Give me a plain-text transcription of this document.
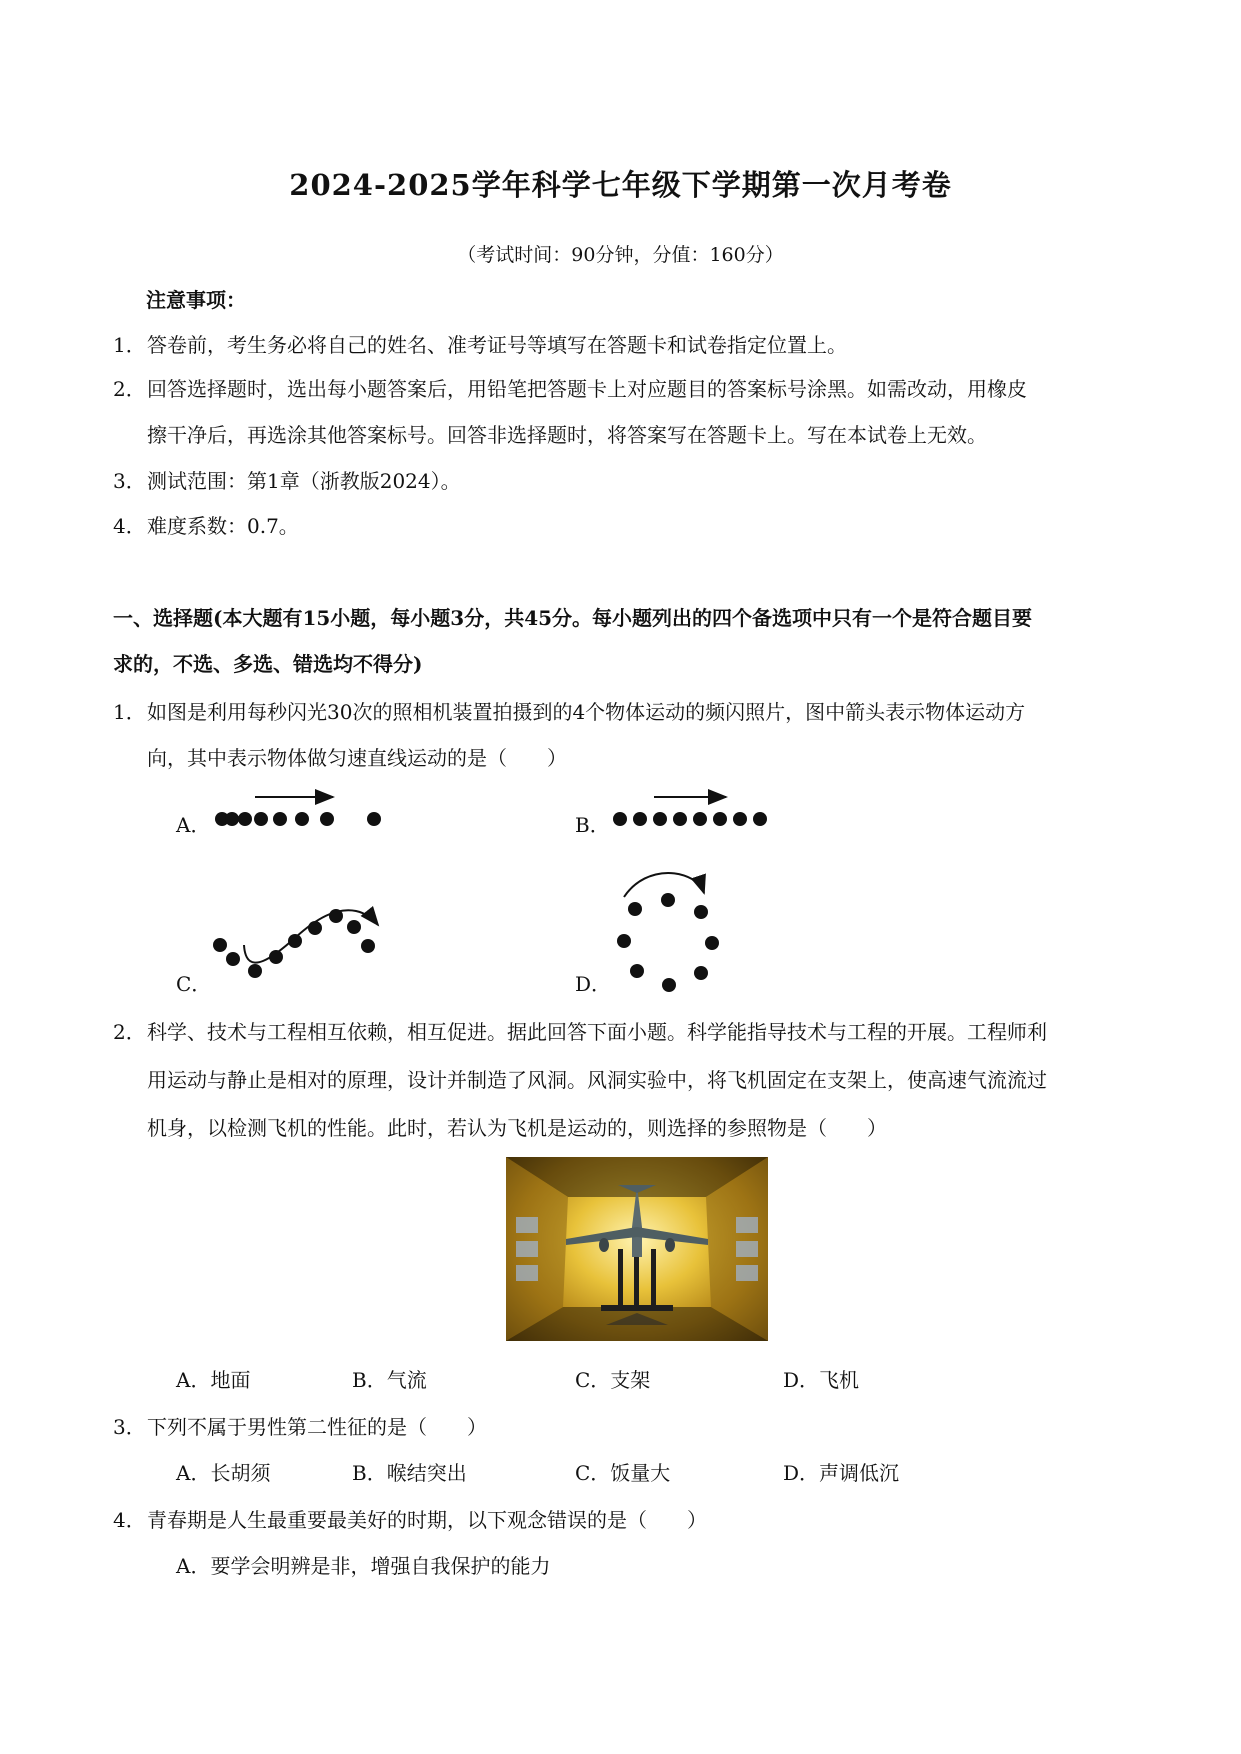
2024-2025学年科学七年级下学期第一次月考卷
（考试时间：90分钟，分值：160分）
注意事项：
1． 答卷前，考生务必将自己的姓名、准考证号等填写在答题卡和试卷指定位置上。
2． 回答选择题时，选出每小题答案后，用铅笔把答题卡上对应题目的答案标号涂黑。如需改动，用橡皮
擦干净后，再选涂其他答案标号。回答非选择题时，将答案写在答题卡上。写在本试卷上无效。
3． 测试范围：第1章（浙教版2024）。
4． 难度系数：0.7。
一、选择题(本大题有15小题，每小题3分，共45分。每小题列出的四个备选项中只有一个是符合题目要
求的，不选、多选、错选均不得分)
1． 如图是利用每秒闪光30次的照相机装置拍摄到的4个物体运动的频闪照片，图中箭头表示物体运动方
向，其中表示物体做匀速直线运动的是（　　）
A．	B．
C．	D．
2． 科学、技术与工程相互依赖，相互促进。据此回答下面小题。科学能指导技术与工程的开展。工程师利
用运动与静止是相对的原理，设计并制造了风洞。风洞实验中，将飞机固定在支架上，使高速气流流过
机身，以检测飞机的性能。此时，若认为飞机是运动的，则选择的参照物是（　　）
A．地面	B．气流	C．支架	D．飞机
3． 下列不属于男性第二性征的是（　　）
A．长胡须	B．喉结突出	C．饭量大	D．声调低沉
4． 青春期是人生最重要最美好的时期，以下观念错误的是（　　）
A．要学会明辨是非，增强自我保护的能力
